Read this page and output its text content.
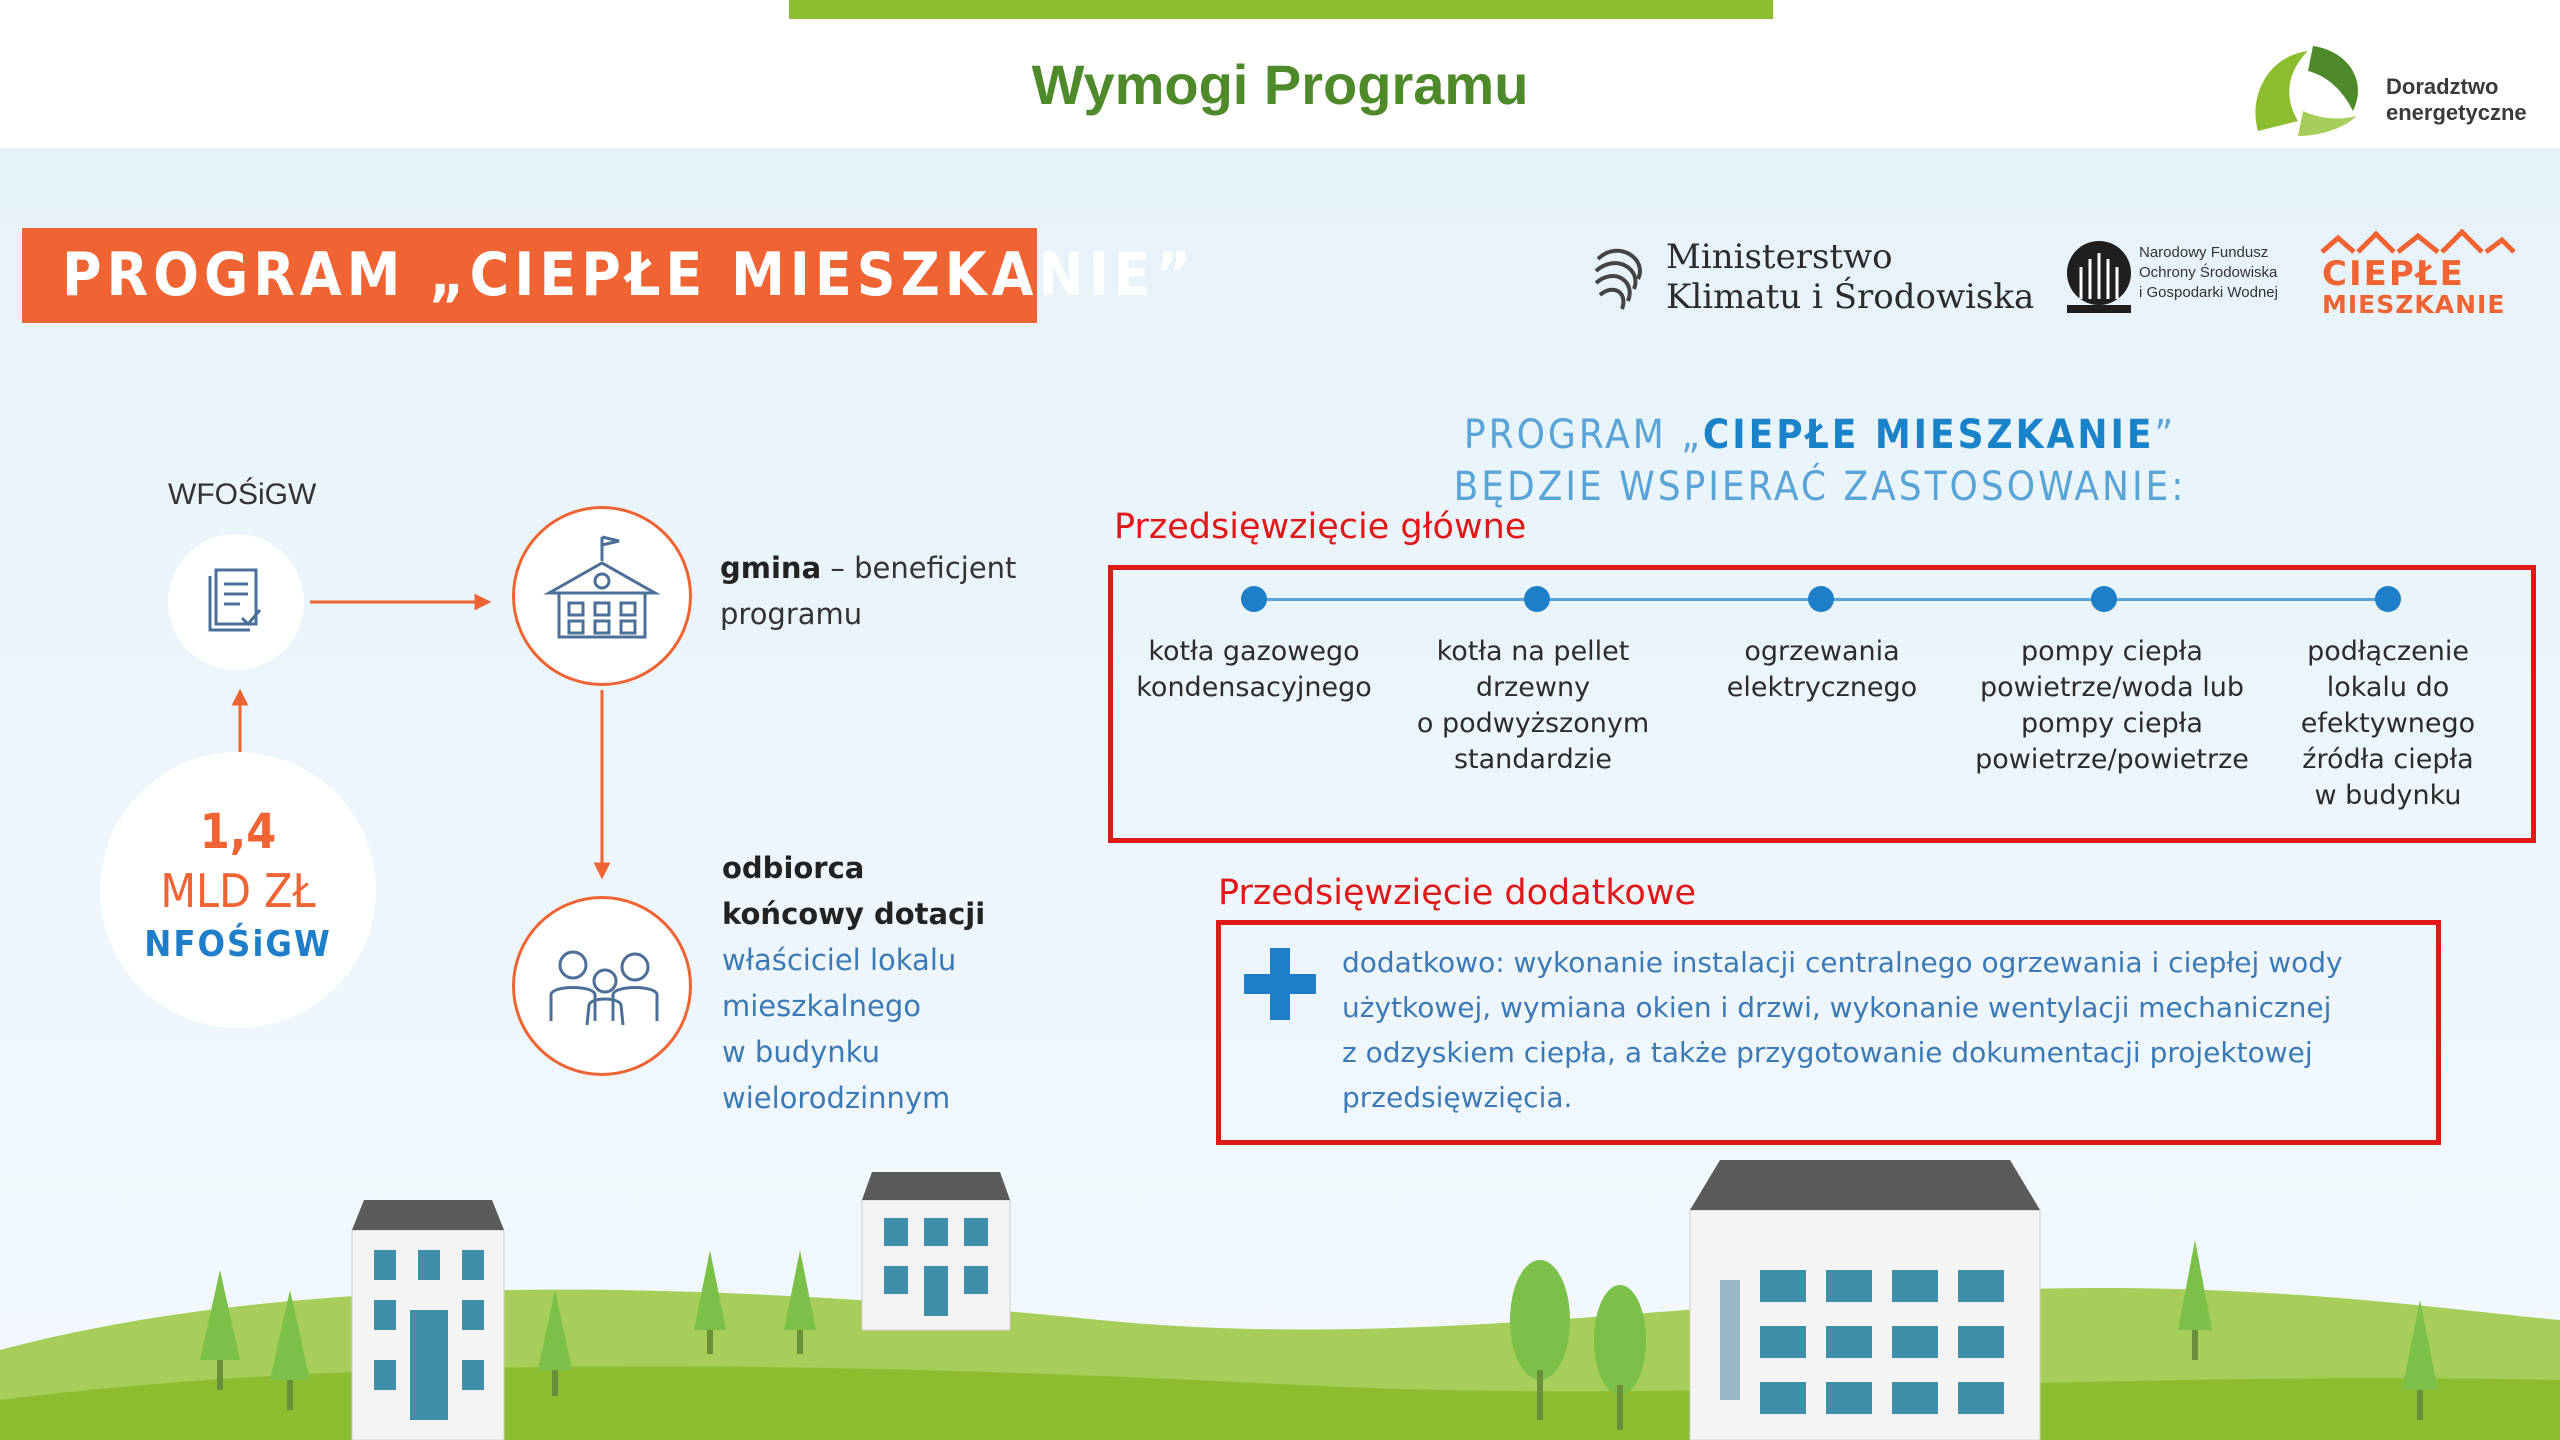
Wymogi Programu	Doradztwo
energetyczne
PROGRAM „CIEPŁE MIESZKANIE”	Ministerstwo
Klimatu i Środowiska
Narodowy Fundusz
Ochrony Środowiska
i Gospodarki Wodnej	CIEPŁE
MIESZKANIE
PROGRAM „CIEPŁE MIESZKANIE”
BĘDZIE WSPIERAĆ ZASTOSOWANIE:
Przedsięwzięcie główne
kotła gazowego
kondensacyjnego
kotła na pellet
drzewny
o podwyższonym
standardzie
ogrzewania
elektrycznego
pompy ciepła
powietrze/woda lub
pompy ciepła
powietrze/powietrze
podłączenie
lokalu do
efektywnego
źródła ciepła
w budynku
Przedsięwzięcie dodatkowe
dodatkowo: wykonanie instalacji centralnego ogrzewania i ciepłej wody
użytkowej, wymiana okien i drzwi, wykonanie wentylacji mechanicznej
z odzyskiem ciepła, a także przygotowanie dokumentacji projektowej
przedsięwzięcia.
WFOŚiGW
1,4
MLD ZŁ
NFOŚiGW
gmina – beneficjent
programu
odbiorca
końcowy dotacji
właściciel lokalu
mieszkalnego
w budynku
wielorodzinnym
